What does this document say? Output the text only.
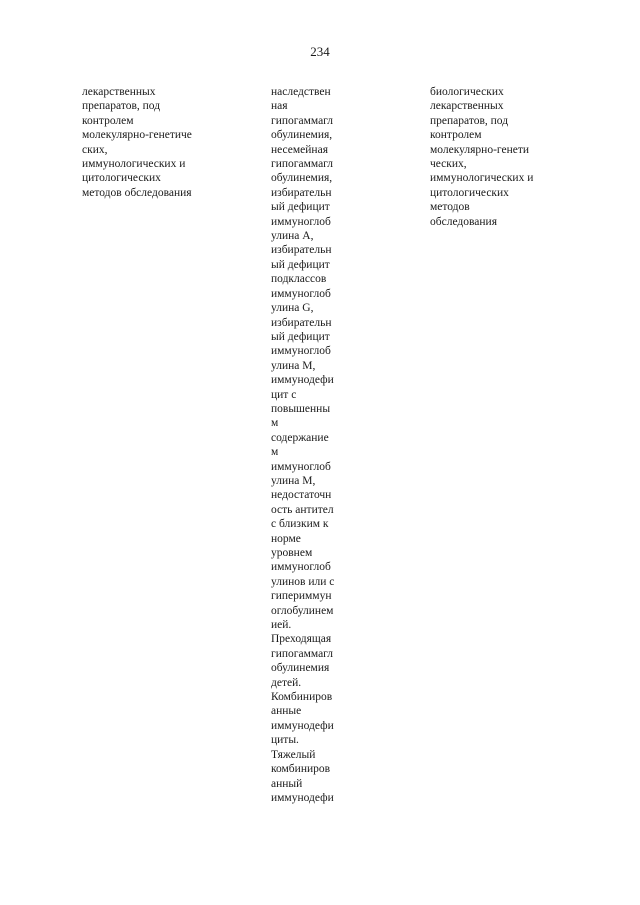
234
лекарственных
препаратов, под
контролем
молекулярно-генетиче
ских,
иммунологических и
цитологических
методов обследования
наследствен
ная
гипогаммагл
обулинемия,
несемейная
гипогаммагл
обулинемия,
избирательн
ый дефицит
иммуноглоб
улина A,
избирательн
ый дефицит
подклассов
иммуноглоб
улина G,
избирательн
ый дефицит
иммуноглоб
улина M,
иммунодефи
цит с
повышенны
м
содержание
м
иммуноглоб
улина M,
недостаточн
ость антител
с близким к
норме
уровнем
иммуноглоб
улинов или с
гипериммун
оглобулинем
ией.
Преходящая
гипогаммагл
обулинемия
детей.
Комбиниров
анные
иммунодефи
циты.
Тяжелый
комбиниров
анный
иммунодефи
биологических
лекарственных
препаратов, под
контролем
молекулярно-генети
ческих,
иммунологических и
цитологических
методов
обследования
